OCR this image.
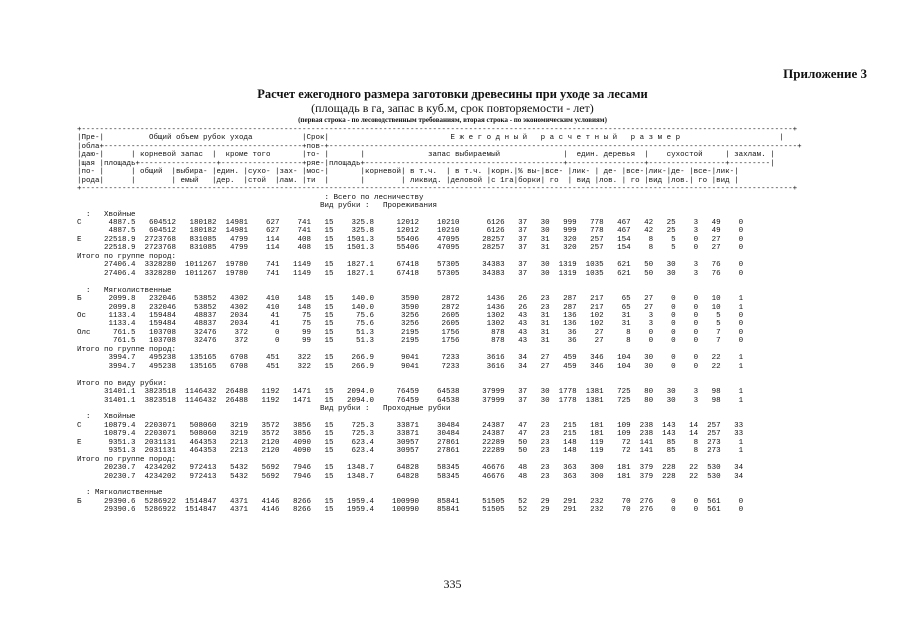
Приложение 3
Расчет ежегодного размера заготовки древесины при уходе за лесами
(площадь в га, запас в куб.м, срок повторяемости - лет)
(первая строка - по лесоводственным требованиям, вторая строка - по экономическим условиям)
+--------------------------------------------------------------------------------------------------------------------------------------------------------------+
|Пре-|          Общий объем рубок ухода           |Срок|                           Е ж е г о д н ы й   р а с ч е т н ы й   р а з м е р                      |
|обла+--------------------------------------------+пов-+--------------------------------------------------------------------------------------------------------+
|даю-|      | корневой запас  |  кроме того       |то- |       |              запас выбираемый              |  един. деревья  |    сухостой     | захлам. |
|щая |площадь+-----------------+------------------+ряе-|площадь+--------------------------------------------+-----------------+-----------------+---------|
|по- |      | общий  |выбира- |един. |сухо- |зах- |мос-|       |корневой| в т.ч.  | в т.ч. |корн.|% вы-|все- |лик- | де- |все-|лик-|де- |все-|лик-|
|рода|      |        | емый   |дер.  |стой  |лам. |ти  |       |        | ликвид. |деловой |с 1га|борки| го  | вид |лов. | го |вид |лов.| го |вид |
+--------------------------------------------------------------------------------------------------------------------------------------------------------------+
: Всего по лесничеству
Вид рубки :   Прореживания
:   Хвойные
С      4887.5   604512   180182  14981    627    741   15    325.8     12012    10210      6126   37   30   999   778   467   42   25    3   49    0
4887.5   604512   180182  14981    627    741   15    325.8     12012    10210      6126   37   30   999   778   467   42   25    3   49    0
Е     22518.9  2723768   831085   4799    114    408   15   1501.3     55406    47095     28257   37   31   320   257   154    8    5    0   27    0
22518.9  2723768   831085   4799    114    408   15   1501.3     55406    47095     28257   37   31   320   257   154    8    5    0   27    0
Итого по группе пород:
27406.4  3328280  1011267  19780    741   1149   15   1827.1     67418    57305     34383   37   30  1319  1035   621   50   30    3   76    0
27406.4  3328280  1011267  19780    741   1149   15   1827.1     67418    57305     34383   37   30  1319  1035   621   50   30    3   76    0

:   Мягколиственные
Б      2099.8   232046    53852   4302    410    148   15    140.0      3590     2872      1436   26   23   287   217    65   27    0    0   10    1
2099.8   232046    53852   4302    410    148   15    140.0      3590     2872      1436   26   23   287   217    65   27    0    0   10    1
Ос     1133.4   159484    48837   2034     41     75   15     75.6      3256     2605      1302   43   31   136   102    31    3    0    0    5    0
1133.4   159484    48837   2034     41     75   15     75.6      3256     2605      1302   43   31   136   102    31    3    0    0    5    0
Олс     761.5   103708    32476    372      0     99   15     51.3      2195     1756       878   43   31    36    27     8    0    0    0    7    0
761.5   103708    32476    372      0     99   15     51.3      2195     1756       878   43   31    36    27     8    0    0    0    7    0
Итого по группе пород:
3994.7   495238   135165   6708    451    322   15    266.9      9041     7233      3616   34   27   459   346   104   30    0    0   22    1
3994.7   495238   135165   6708    451    322   15    266.9      9041     7233      3616   34   27   459   346   104   30    0    0   22    1

Итого по виду рубки:
31401.1  3823518  1146432  26488   1192   1471   15   2094.0     76459    64538     37999   37   30  1778  1381   725   80   30    3   98    1
31401.1  3823518  1146432  26488   1192   1471   15   2094.0     76459    64538     37999   37   30  1778  1381   725   80   30    3   98    1
Вид рубки :   Проходные рубки
:   Хвойные
С     10879.4  2203071   508060   3219   3572   3856   15    725.3     33871    30484     24387   47   23   215   181   109  238  143   14  257   33
10879.4  2203071   508060   3219   3572   3856   15    725.3     33871    30484     24387   47   23   215   181   109  238  143   14  257   33
Е      9351.3  2031131   464353   2213   2120   4090   15    623.4     30957    27861     22289   50   23   148   119    72  141   85    8  273    1
9351.3  2031131   464353   2213   2120   4090   15    623.4     30957    27861     22289   50   23   148   119    72  141   85    8  273    1
Итого по группе пород:
20230.7  4234202   972413   5432   5692   7946   15   1348.7     64828    58345     46676   48   23   363   300   181  379  228   22  530   34
20230.7  4234202   972413   5432   5692   7946   15   1348.7     64828    58345     46676   48   23   363   300   181  379  228   22  530   34

: Мягколиственные
Б     29390.6  5286922  1514847   4371   4146   8266   15   1959.4    100990    85841     51505   52   29   291   232    70  276    0    0  561    0
29390.6  5286922  1514847   4371   4146   8266   15   1959.4    100990    85841     51505   52   29   291   232    70  276    0    0  561    0
335
